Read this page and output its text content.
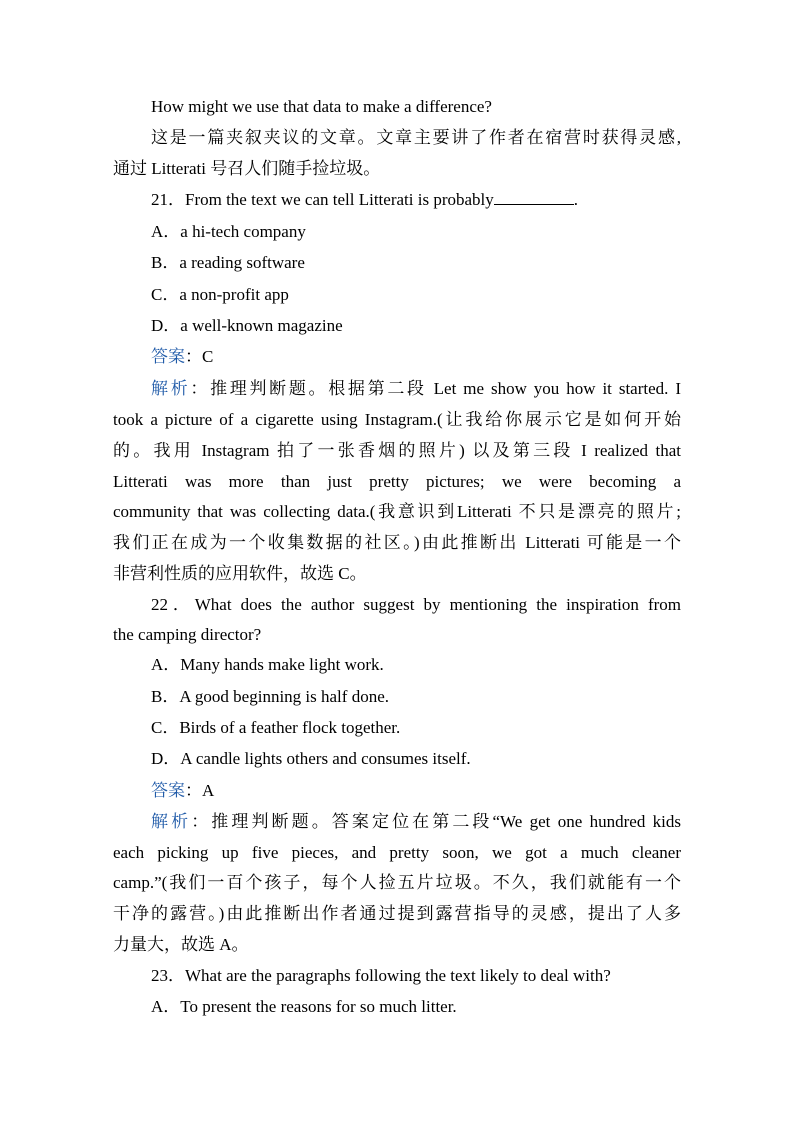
How might we use that data to make a difference?
这是一篇夹叙夹议的文章。文章主要讲了作者在宿营时获得灵感,
通过 Litterati 号召人们随手捡垃圾。
21．From the text we can tell Litterati is probably	.
A．a hi-tech company
B．a reading software
C．a non-profit app
D．a well-known magazine
答案：C
解析：推理判断题。根据第二段 Let me show you how it started. I
took a picture of a cigarette using Instagram.(让我给你展示它是如何开始
的。我用 Instagram 拍了一张香烟的照片) 以及第三段 I realized that
Litterati was more than just pretty pictures; we were becoming a
community that was collecting data.(我意识到Litterati 不只是漂亮的照片;
我们正在成为一个收集数据的社区。)由此推断出 Litterati 可能是一个
非营利性质的应用软件，故选 C。
22．What does the author suggest by mentioning the inspiration from
the camping director?
A．Many hands make light work.
B．A good beginning is half done.
C．Birds of a feather flock together.
D．A candle lights others and consumes itself.
答案：A
解析：推理判断题。答案定位在第二段“We get one hundred kids
each picking up five pieces, and pretty soon, we got a much cleaner
camp.”(我们一百个孩子，每个人捡五片垃圾。不久，我们就能有一个
干净的露营。)由此推断出作者通过提到露营指导的灵感，提出了人多
力量大，故选 A。
23．What are the paragraphs following the text likely to deal with?
A．To present the reasons for so much litter.
